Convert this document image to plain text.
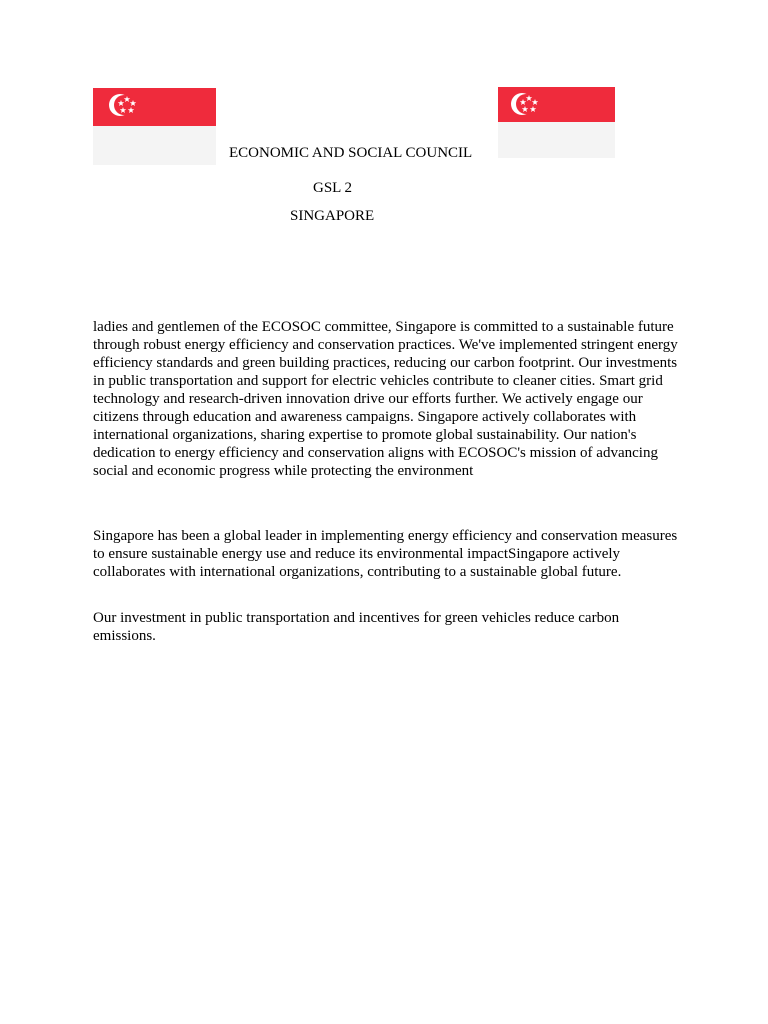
ECONOMIC AND SOCIAL COUNCIL
GSL 2
SINGAPORE

ladies and gentlemen of the ECOSOC committee, Singapore is committed to a sustainable future through robust energy efficiency and conservation practices. We've implemented stringent energy efficiency standards and green building practices, reducing our carbon footprint. Our investments in public transportation and support for electric vehicles contribute to cleaner cities. Smart grid technology and research-driven innovation drive our efforts further. We actively engage our citizens through education and awareness campaigns. Singapore actively collaborates with international organizations, sharing expertise to promote global sustainability. Our nation's dedication to energy efficiency and conservation aligns with ECOSOC's mission of advancing social and economic progress while protecting the environment

Singapore has been a global leader in implementing energy efficiency and conservation measures to ensure sustainable energy use and reduce its environmental impactSingapore actively collaborates with international organizations, contributing to a sustainable global future.

Our investment in public transportation and incentives for green vehicles reduce carbon emissions.
